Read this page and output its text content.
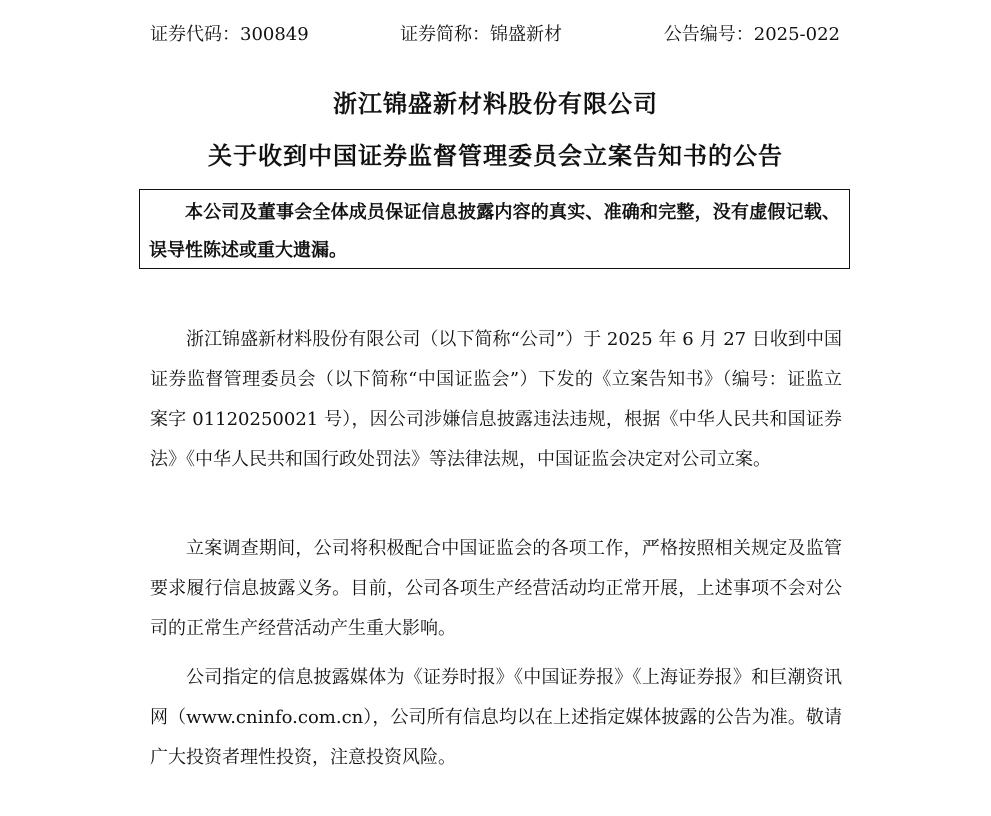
证券代码：300849	证券简称：锦盛新材	公告编号：2025-022
浙江锦盛新材料股份有限公司
关于收到中国证券监督管理委员会立案告知书的公告
本公司及董事会全体成员保证信息披露内容的真实、准确和完整，没有虚假记载、误导性陈述或重大遗漏。

浙江锦盛新材料股份有限公司（以下简称“公司”）于 2025 年 6 月 27 日收到中国证券监督管理委员会（以下简称“中国证监会”）下发的《立案告知书》（编号：证监立案字 01120250021 号），因公司涉嫌信息披露违法违规，根据《中华人民共和国证券法》《中华人民共和国行政处罚法》等法律法规，中国证监会决定对公司立案。

立案调查期间，公司将积极配合中国证监会的各项工作，严格按照相关规定及监管要求履行信息披露义务。目前，公司各项生产经营活动均正常开展，上述事项不会对公司的正常生产经营活动产生重大影响。

公司指定的信息披露媒体为《证券时报》《中国证券报》《上海证券报》和巨潮资讯网（www.cninfo.com.cn），公司所有信息均以在上述指定媒体披露的公告为准。敬请广大投资者理性投资，注意投资风险。
